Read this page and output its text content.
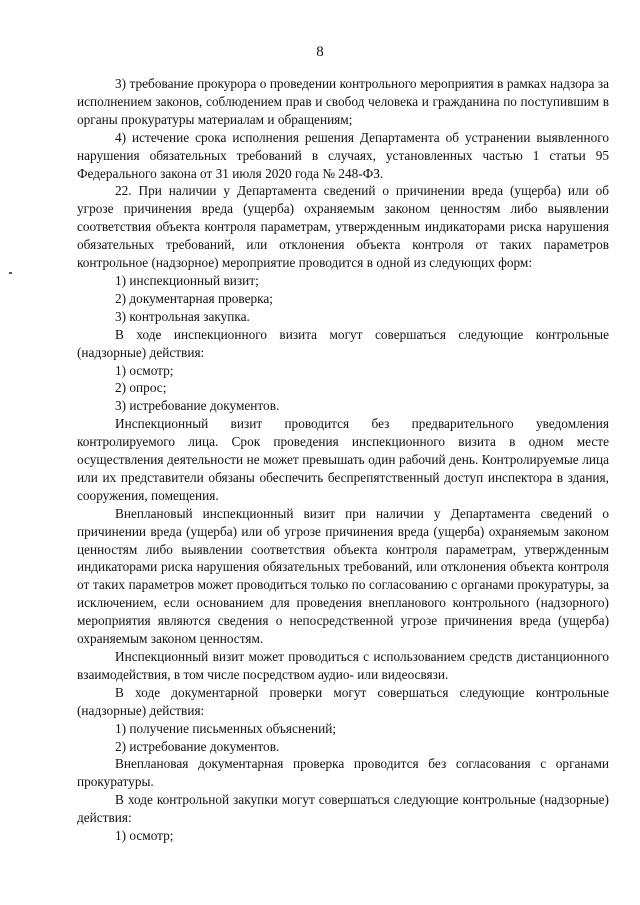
8

3) требование прокурора о проведении контрольного мероприятия в рамках надзора за исполнением законов, соблюдением прав и свобод человека и гражданина по поступившим в органы прокуратуры материалам и обращениям;

4) истечение срока исполнения решения Департамента об устранении выявленного нарушения обязательных требований в случаях, установленных частью 1 статьи 95 Федерального закона от 31 июля 2020 года № 248-ФЗ.

22. При наличии у Департамента сведений о причинении вреда (ущерба) или об угрозе причинения вреда (ущерба) охраняемым законом ценностям либо выявлении соответствия объекта контроля параметрам, утвержденным индикаторами риска нарушения обязательных требований, или отклонения объекта контроля от таких параметров контрольное (надзорное) мероприятие проводится в одной из следующих форм:

1) инспекционный визит;

2) документарная проверка;

3) контрольная закупка.

В ходе инспекционного визита могут совершаться следующие контрольные (надзорные) действия:

1) осмотр;

2) опрос;

3) истребование документов.

Инспекционный визит проводится без предварительного уведомления контролируемого лица. Срок проведения инспекционного визита в одном месте осуществления деятельности не может превышать один рабочий день. Контролируемые лица или их представители обязаны обеспечить беспрепятственный доступ инспектора в здания, сооружения, помещения.

Внеплановый инспекционный визит при наличии у Департамента сведений о причинении вреда (ущерба) или об угрозе причинения вреда (ущерба) охраняемым законом ценностям либо выявлении соответствия объекта контроля параметрам, утвержденным индикаторами риска нарушения обязательных требований, или отклонения объекта контроля от таких параметров может проводиться только по согласованию с органами прокуратуры, за исключением, если основанием для проведения внепланового контрольного (надзорного) мероприятия являются сведения о непосредственной угрозе причинения вреда (ущерба) охраняемым законом ценностям.

Инспекционный визит может проводиться с использованием средств дистанционного взаимодействия, в том числе посредством аудио- или видеосвязи.

В ходе документарной проверки могут совершаться следующие контрольные (надзорные) действия:

1) получение письменных объяснений;

2) истребование документов.

Внеплановая документарная проверка проводится без согласования с органами прокуратуры.

В ходе контрольной закупки могут совершаться следующие контрольные (надзорные) действия:

1) осмотр;
